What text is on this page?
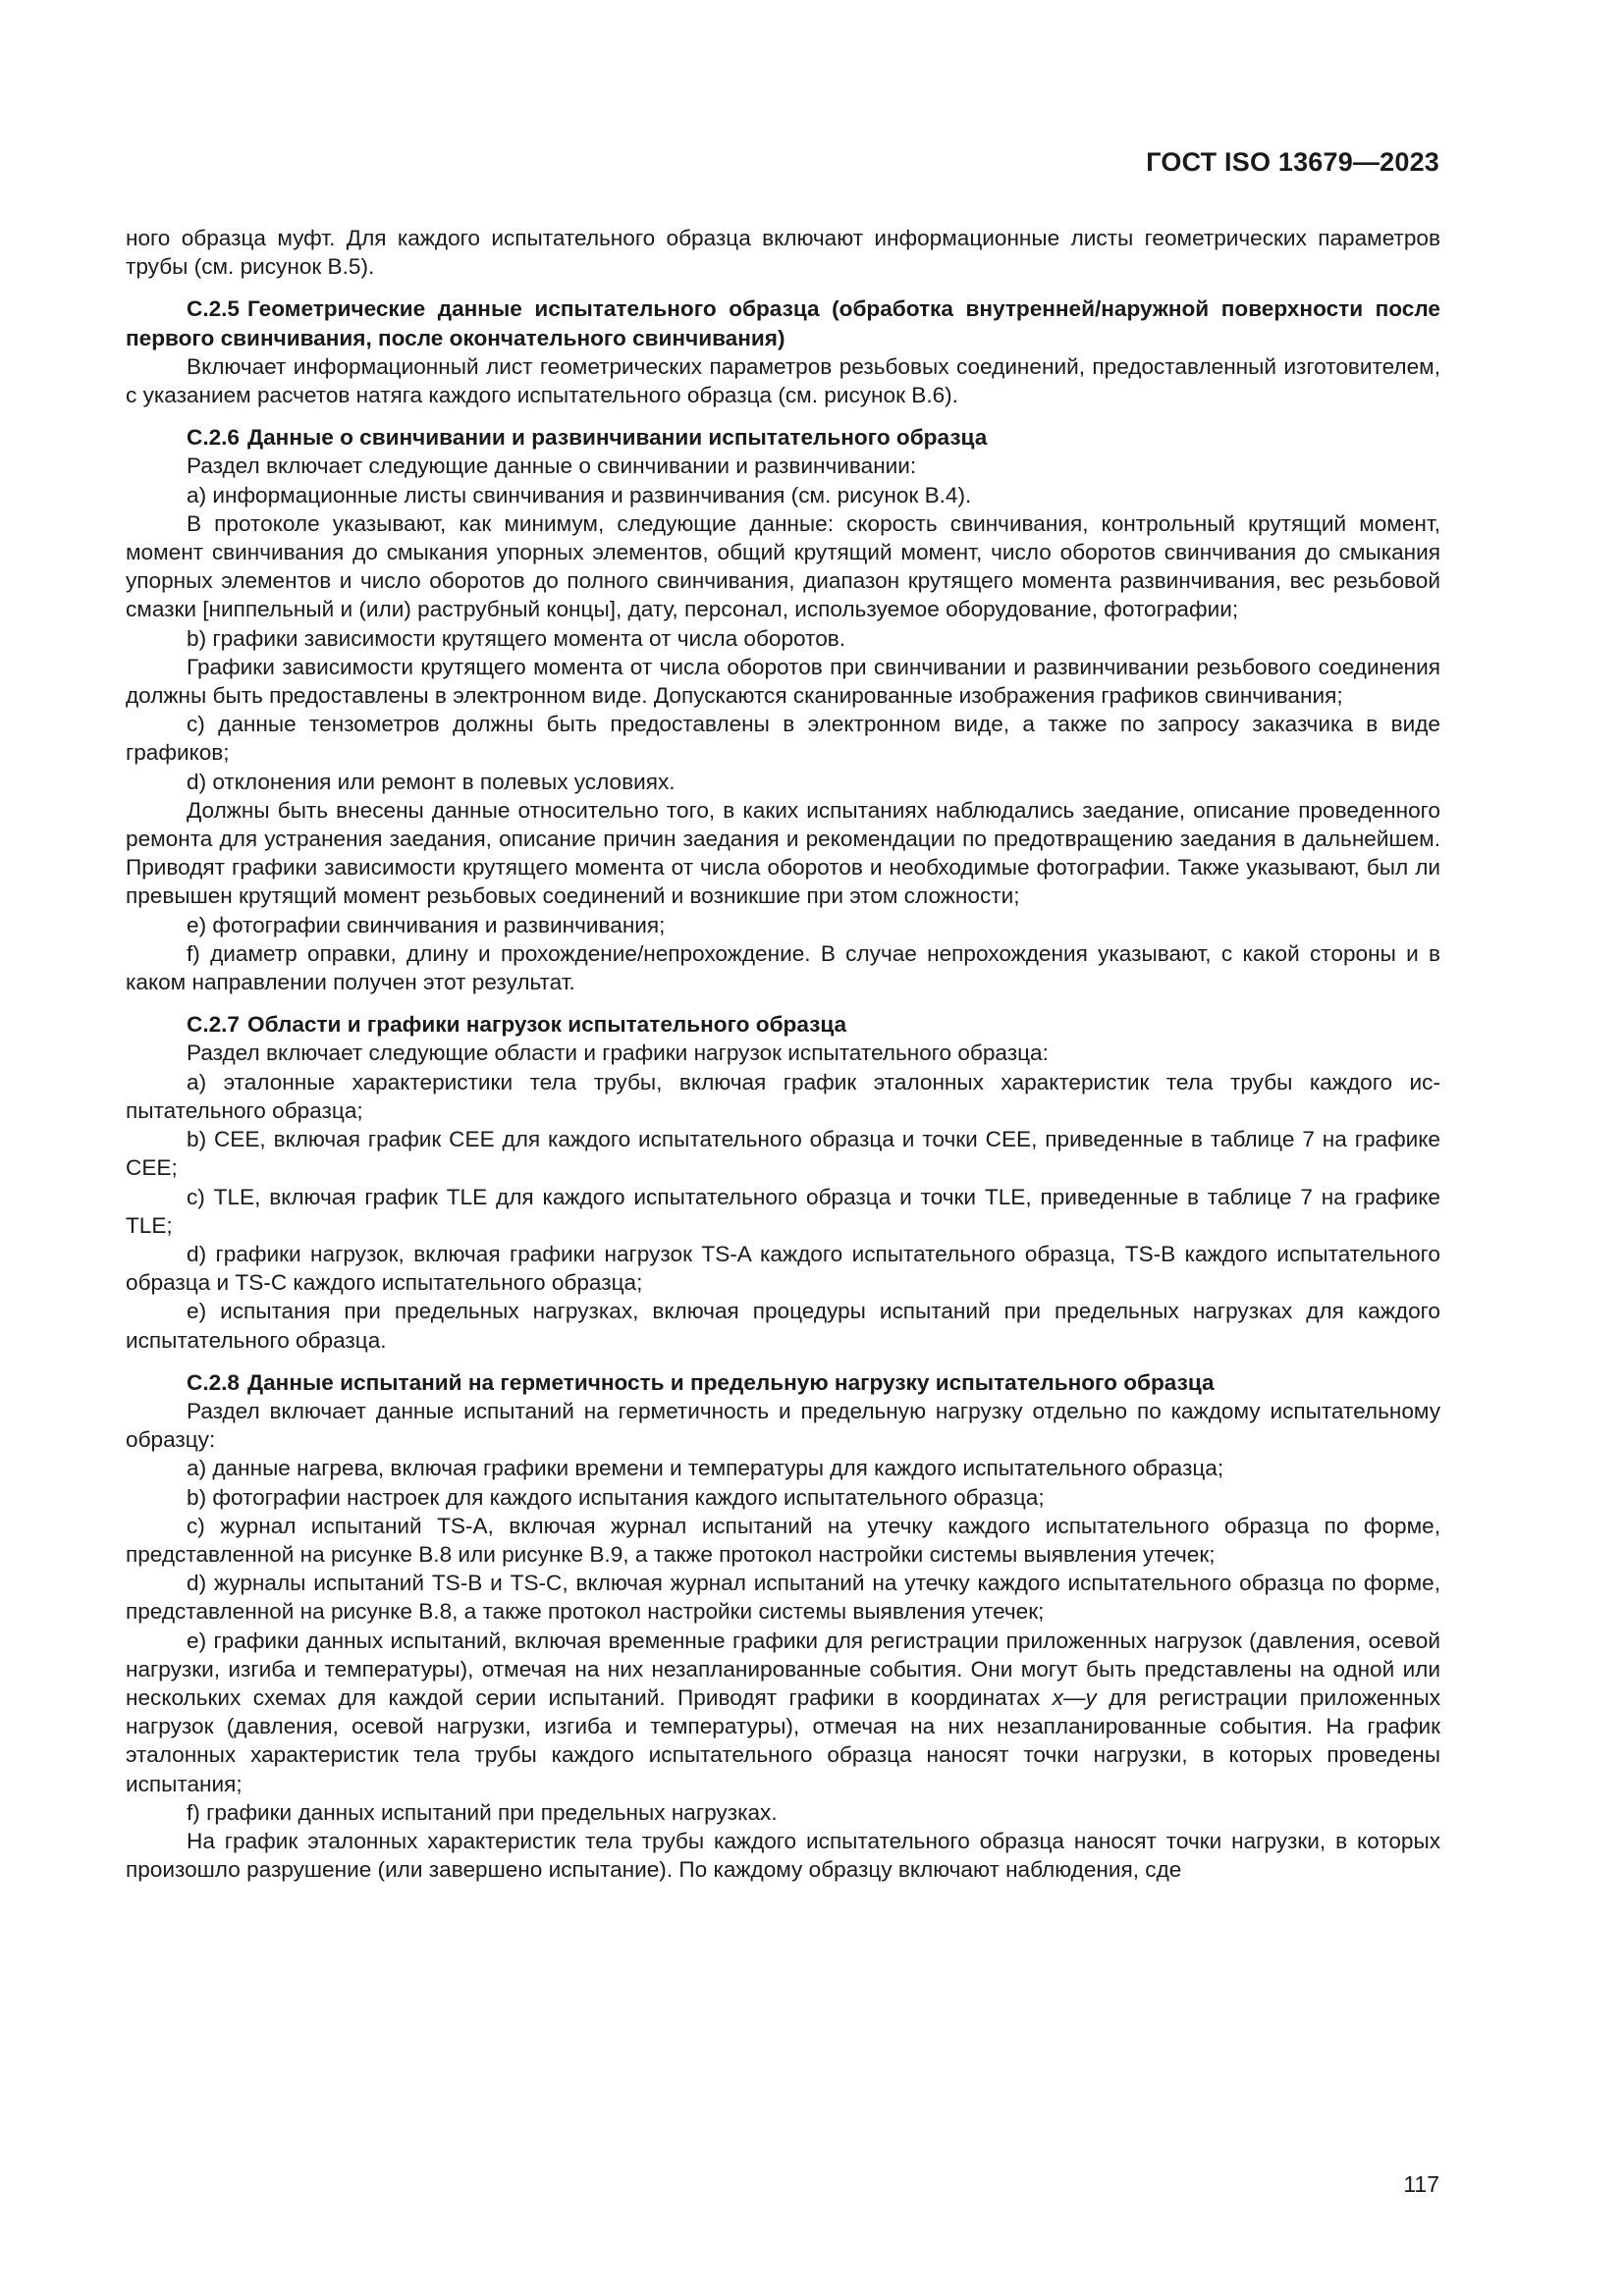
ГОСТ ISO 13679—2023

ного образца муфт. Для каждого испытательного образца включают информационные листы геометрических параметров трубы (см. рисунок B.5).

С.2.5 Геометрические данные испытательного образца (обработка внутренней/наружной поверхности после первого свинчивания, после окончательного свинчивания)

Включает информационный лист геометрических параметров резьбовых соединений, предоставленный изготовителем, с указанием расчетов натяга каждого испытательного образца (см. рисунок B.6).

С.2.6 Данные о свинчивании и развинчивании испытательного образца

Раздел включает следующие данные о свинчивании и развинчивании:

a) информационные листы свинчивания и развинчивания (см. рисунок B.4).

В протоколе указывают, как минимум, следующие данные: скорость свинчивания, контрольный крутящий момент, момент свинчивания до смыкания упорных элементов, общий крутящий момент, число оборотов свинчивания до смыкания упорных элементов и число оборотов до полного свинчивания, диапазон крутящего момента развинчивания, вес резьбовой смазки [ниппельный и (или) раструбный концы], дату, персонал, используемое оборудование, фотографии;

b) графики зависимости крутящего момента от числа оборотов.

Графики зависимости крутящего момента от числа оборотов при свинчивании и развинчивании резьбового соединения должны быть предоставлены в электронном виде. Допускаются сканированные изображения графиков свинчивания;

c) данные тензометров должны быть предоставлены в электронном виде, а также по запросу заказчика в виде графиков;

d) отклонения или ремонт в полевых условиях.

Должны быть внесены данные относительно того, в каких испытаниях наблюдались заедание, описание проведенного ремонта для устранения заедания, описание причин заедания и рекомендации по предотвращению заедания в дальнейшем. Приводят графики зависимости крутящего момента от числа оборотов и необходимые фотографии. Также указывают, был ли превышен крутящий момент резьбовых соединений и возникшие при этом сложности;

e) фотографии свинчивания и развинчивания;

f) диаметр оправки, длину и прохождение/непрохождение. В случае непрохождения указывают, с какой стороны и в каком направлении получен этот результат.

С.2.7 Области и графики нагрузок испытательного образца

Раздел включает следующие области и графики нагрузок испытательного образца:

a) эталонные характеристики тела трубы, включая график эталонных характеристик тела трубы каждого испытательного образца;

b) CEE, включая график CEE для каждого испытательного образца и точки CEE, приведенные в таблице 7 на графике CEE;

c) TLE, включая график TLE для каждого испытательного образца и точки TLE, приведенные в таблице 7 на графике TLE;

d) графики нагрузок, включая графики нагрузок TS-A каждого испытательного образца, TS-B каждого испытательного образца и TS-C каждого испытательного образца;

e) испытания при предельных нагрузках, включая процедуры испытаний при предельных нагрузках для каждого испытательного образца.

С.2.8 Данные испытаний на герметичность и предельную нагрузку испытательного образца

Раздел включает данные испытаний на герметичность и предельную нагрузку отдельно по каждому испытательному образцу:

a) данные нагрева, включая графики времени и температуры для каждого испытательного образца;

b) фотографии настроек для каждого испытания каждого испытательного образца;

c) журнал испытаний TS-A, включая журнал испытаний на утечку каждого испытательного образца по форме, представленной на рисунке B.8 или рисунке B.9, а также протокол настройки системы выявления утечек;

d) журналы испытаний TS-B и TS-C, включая журнал испытаний на утечку каждого испытательного образца по форме, представленной на рисунке B.8, а также протокол настройки системы выявления утечек;

e) графики данных испытаний, включая временные графики для регистрации приложенных нагрузок (давления, осевой нагрузки, изгиба и температуры), отмечая на них незапланированные события. Они могут быть представлены на одной или нескольких схемах для каждой серии испытаний. Приводят графики в координатах x—y для регистрации приложенных нагрузок (давления, осевой нагрузки, изгиба и температуры), отмечая на них незапланированные события. На график эталонных характеристик тела трубы каждого испытательного образца наносят точки нагрузки, в которых проведены испытания;

f) графики данных испытаний при предельных нагрузках.

На график эталонных характеристик тела трубы каждого испытательного образца наносят точки нагрузки, в которых произошло разрушение (или завершено испытание). По каждому образцу включают наблюдения, сде

117
